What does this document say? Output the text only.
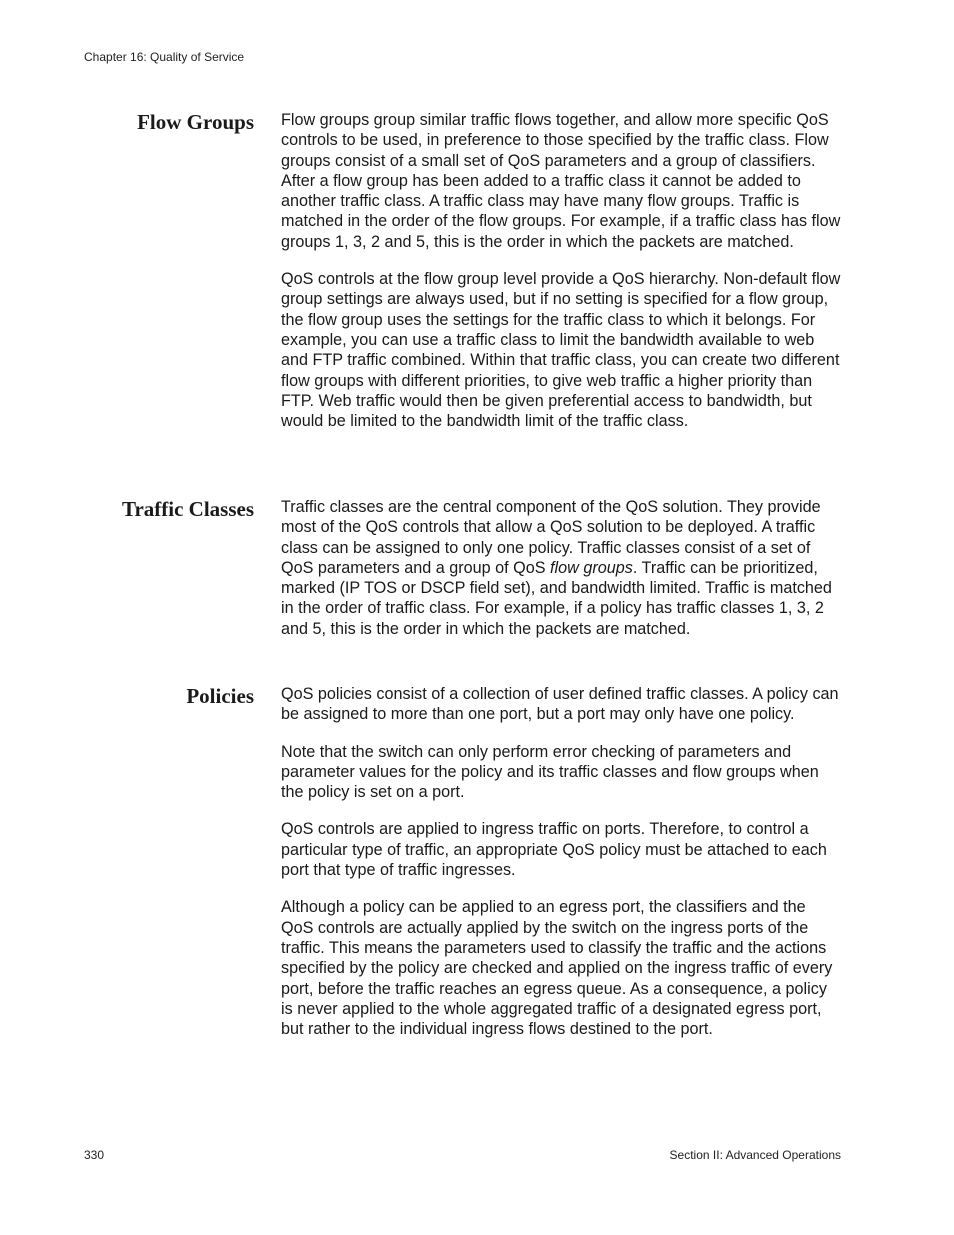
Chapter 16: Quality of Service
Flow Groups Flow groups group similar traffic flows together, and allow more specific QoS controls to be used, in preference to those specified by the traffic class. Flow groups consist of a small set of QoS parameters and a group of classifiers. After a flow group has been added to a traffic class it cannot be added to another traffic class. A traffic class may have many flow groups. Traffic is matched in the order of the flow groups. For example, if a traffic class has flow groups 1, 3, 2 and 5, this is the order in which the packets are matched.

QoS controls at the flow group level provide a QoS hierarchy. Non-default flow group settings are always used, but if no setting is specified for a flow group, the flow group uses the settings for the traffic class to which it belongs. For example, you can use a traffic class to limit the bandwidth available to web and FTP traffic combined. Within that traffic class, you can create two different flow groups with different priorities, to give web traffic a higher priority than FTP. Web traffic would then be given preferential access to bandwidth, but would be limited to the bandwidth limit of the traffic class.

Traffic Classes Traffic classes are the central component of the QoS solution. They provide most of the QoS controls that allow a QoS solution to be deployed. A traffic class can be assigned to only one policy. Traffic classes consist of a set of QoS parameters and a group of QoS flow groups. Traffic can be prioritized, marked (IP TOS or DSCP field set), and bandwidth limited. Traffic is matched in the order of traffic class. For example, if a policy has traffic classes 1, 3, 2 and 5, this is the order in which the packets are matched.

Policies QoS policies consist of a collection of user defined traffic classes. A policy can be assigned to more than one port, but a port may only have one policy.

Note that the switch can only perform error checking of parameters and parameter values for the policy and its traffic classes and flow groups when the policy is set on a port.

QoS controls are applied to ingress traffic on ports. Therefore, to control a particular type of traffic, an appropriate QoS policy must be attached to each port that type of traffic ingresses.

Although a policy can be applied to an egress port, the classifiers and the QoS controls are actually applied by the switch on the ingress ports of the traffic. This means the parameters used to classify the traffic and the actions specified by the policy are checked and applied on the ingress traffic of every port, before the traffic reaches an egress queue. As a consequence, a policy is never applied to the whole aggregated traffic of a designated egress port, but rather to the individual ingress flows destined to the port.

330	Section II: Advanced Operations
